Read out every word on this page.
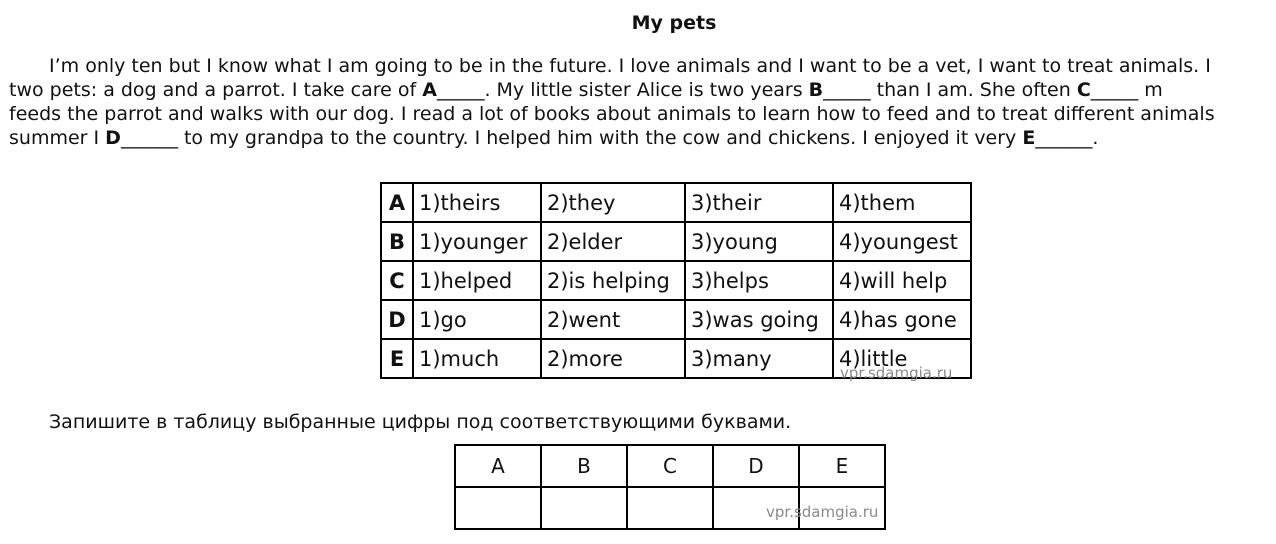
My pets
I’m only ten but I know what I am going to be in the future. I love animals and I want to be a vet, I want to treat animals. I
two pets: a dog and a parrot. I take care of A_____. My little sister Alice is two years B_____ than I am. She often C_____ m
feeds the parrot and walks with our dog. I read a lot of books about animals to learn how to feed and to treat different animals
summer I D______ to my grandpa to the country. I helped him with the cow and chickens. I enjoyed it very E______.
A	1)theirs	2)they	3)their	4)them
B	1)younger	2)elder	3)young	4)youngest
C	1)helped	2)is helping	3)helps	4)will help
D	1)go	2)went	3)was going	4)has gone
E	1)much	2)more	3)many	4)little
vpr.sdamgia.ru
Запишите в таблицу выбранные цифры под соответствующими буквами.
A	B	C	D	E

vpr.sdamgia.ru
